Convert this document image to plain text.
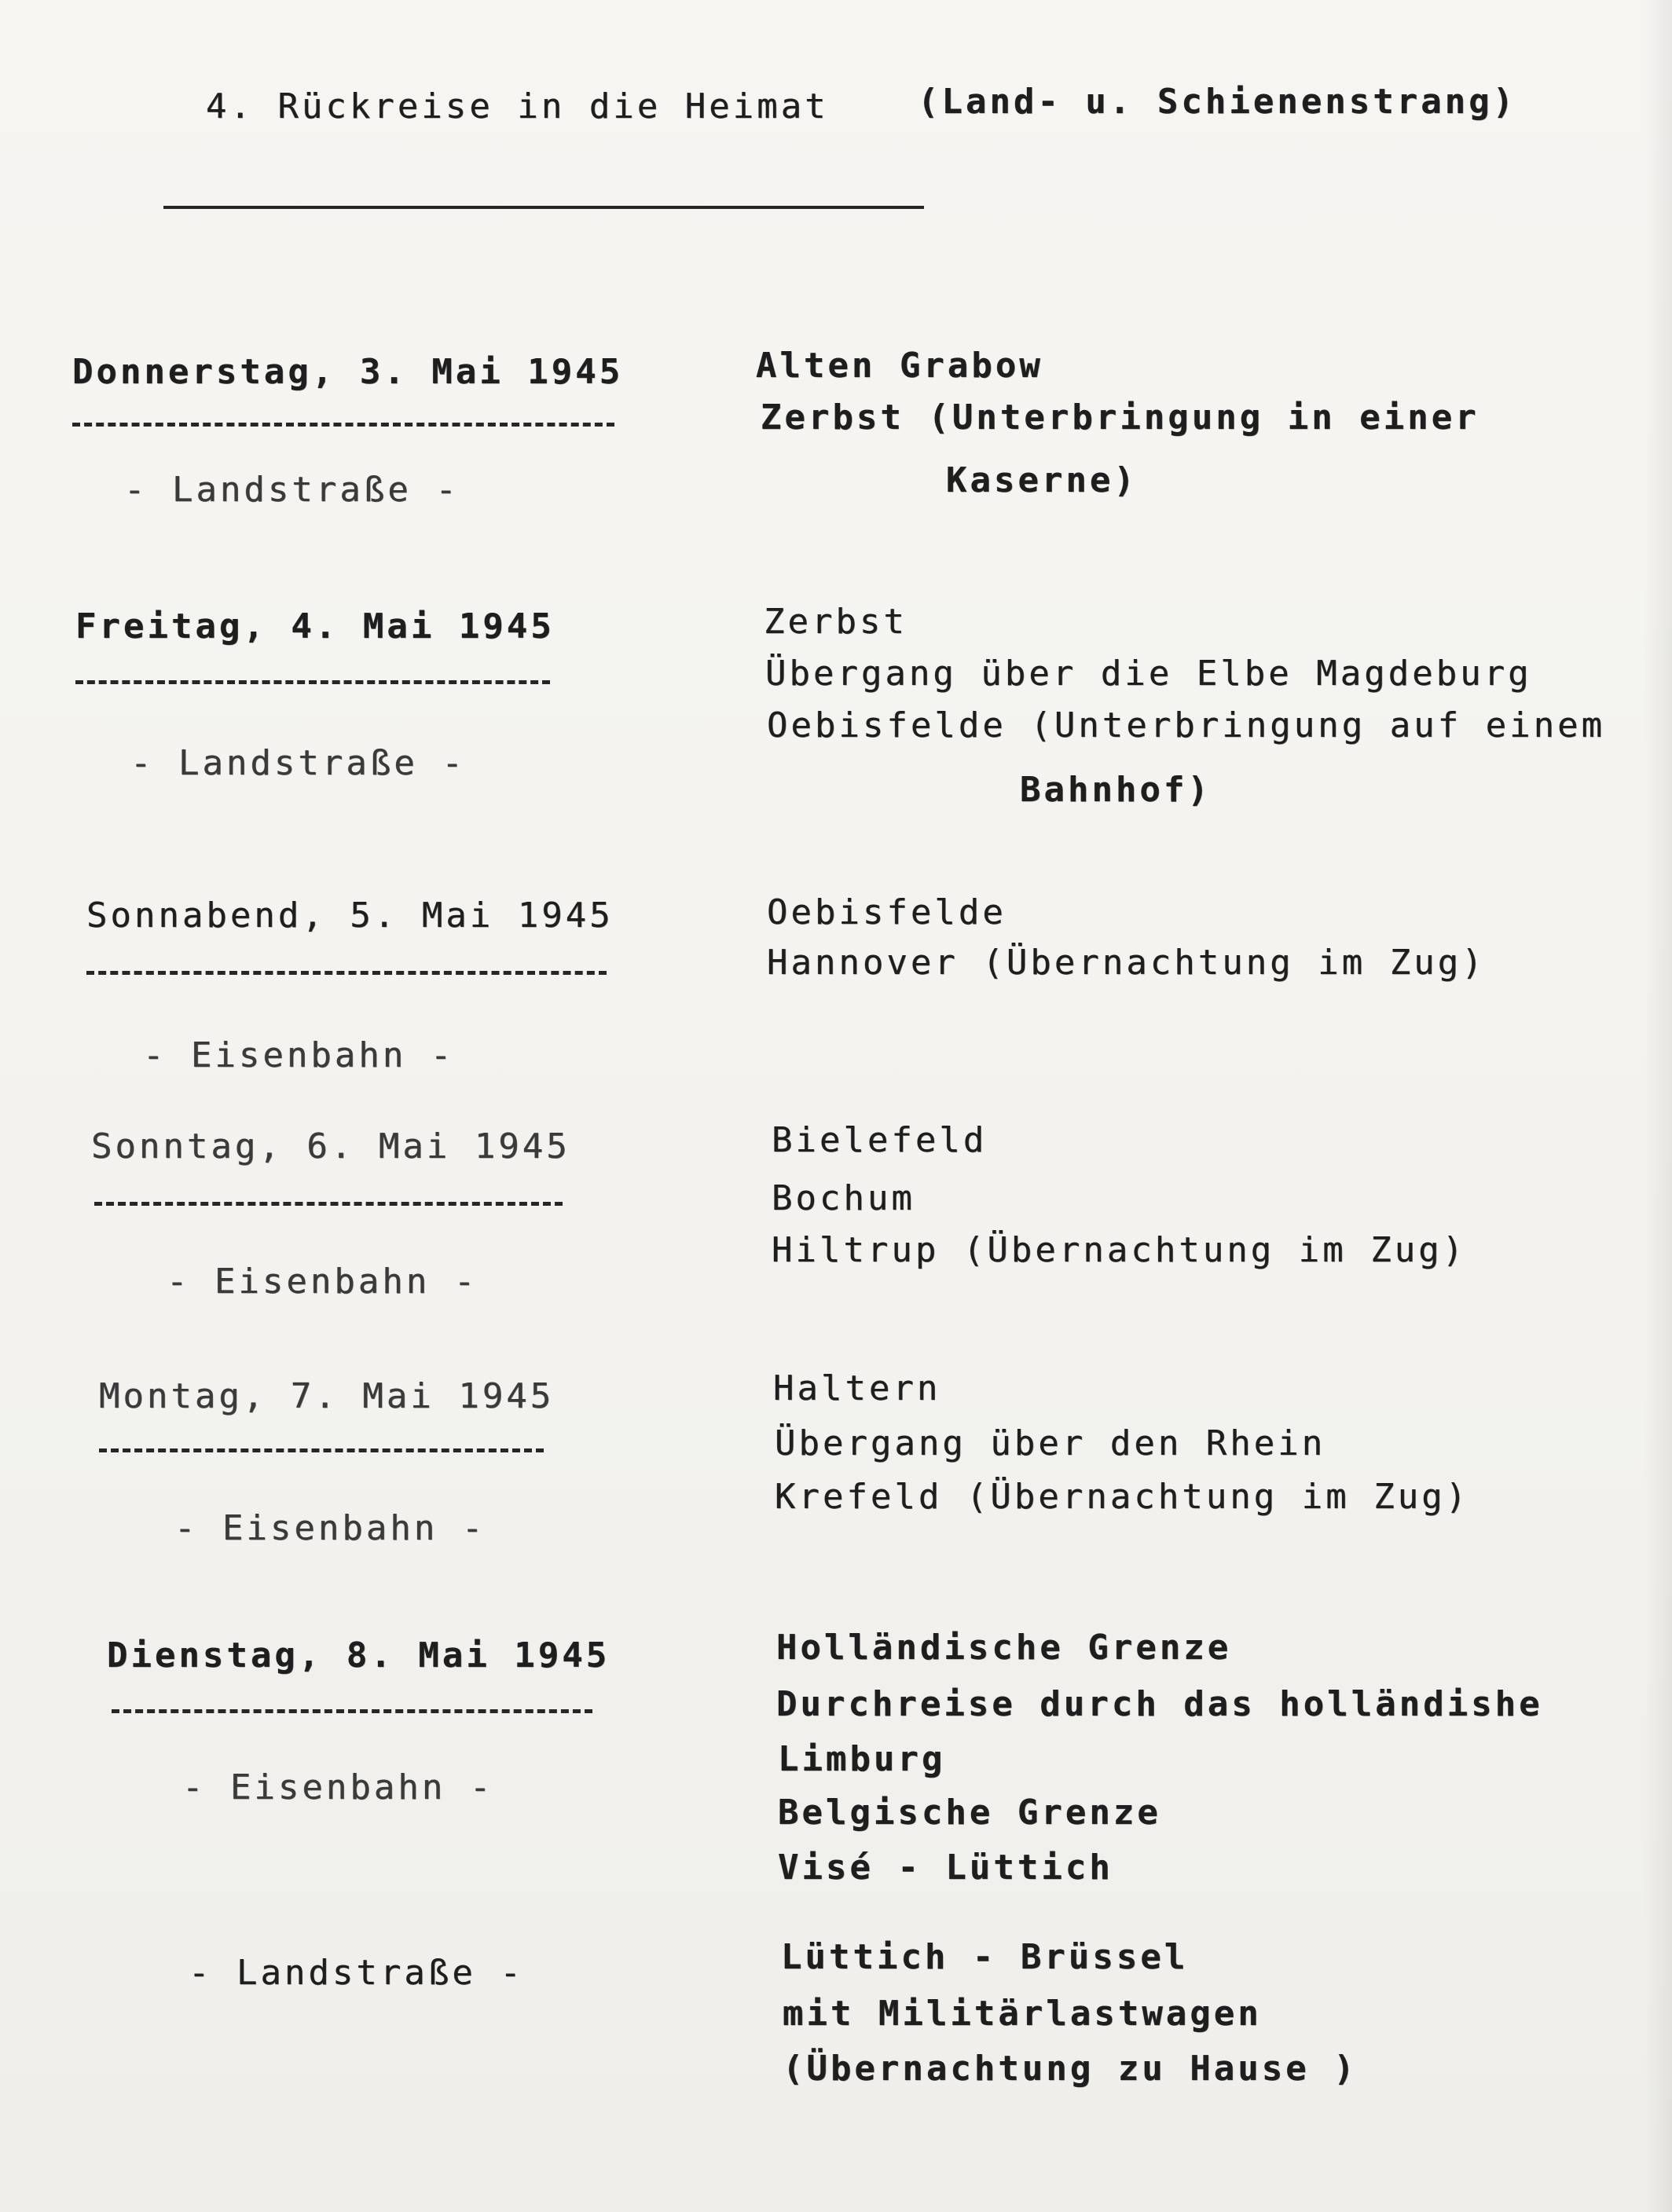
4. Rückreise in die Heimat	(Land- u. Schienenstrang)
Donnerstag, 3. Mai 1945
- Landstraße -
Alten Grabow
Zerbst (Unterbringung in einer
Kaserne)
Freitag, 4. Mai 1945
- Landstraße -
Zerbst
Übergang über die Elbe Magdeburg
Oebisfelde (Unterbringung auf einem
Bahnhof)
Sonnabend, 5. Mai 1945
- Eisenbahn -
Oebisfelde
Hannover (Übernachtung im Zug)
Sonntag, 6. Mai 1945
- Eisenbahn -
Bielefeld
Bochum
Hiltrup (Übernachtung im Zug)
Montag, 7. Mai 1945
- Eisenbahn -
Haltern
Übergang über den Rhein
Krefeld (Übernachtung im Zug)
Dienstag, 8. Mai 1945
- Eisenbahn -
Holländische Grenze
Durchreise durch das holländishe
Limburg
Belgische Grenze
Visé - Lüttich
- Landstraße -	Lüttich - Brüssel
mit Militärlastwagen
(Übernachtung zu Hause )
